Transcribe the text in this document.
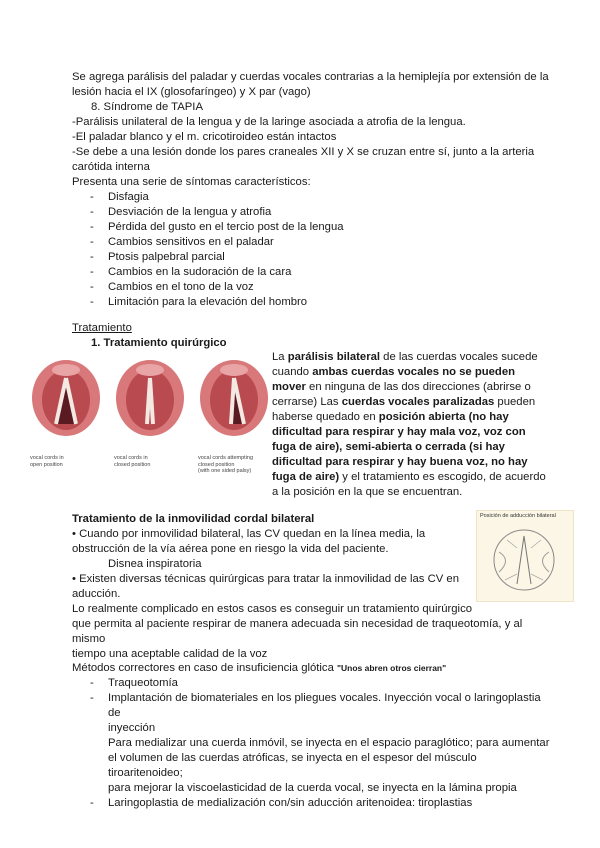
Se agrega parálisis del paladar y cuerdas vocales contrarias a la hemiplejía por extensión de la

lesión hacia el IX (glosofaríngeo) y X par (vago)

8. Síndrome de TAPIA

-Parálisis unilateral de la lengua y de la laringe asociada a atrofia de la lengua.

-El paladar blanco y el m. cricotiroideo están intactos

-Se debe a una lesión donde los pares craneales XII y X se cruzan entre sí, junto a la arteria

carótida interna

Presenta una serie de síntomas característicos:

- Disfagia
- Desviación de la lengua y atrofia
- Pérdida del gusto en el tercio post de la lengua
- Cambios sensitivos en el paladar
- Ptosis palpebral parcial
- Cambios en la sudoración de la cara
- Cambios en el tono de la voz
- Limitación para la elevación del hombro

Tratamiento

1. Tratamiento quirúrgico

vocal cords in
open position
vocal cords in
closed position
vocal cords attempting
closed position
(with one sided palsy)

La parálisis bilateral de las cuerdas vocales sucede cuando ambas cuerdas vocales no se pueden mover en ninguna de las dos direcciones (abrirse o cerrarse) Las cuerdas vocales paralizadas pueden haberse quedado en posición abierta (no hay dificultad para respirar y hay mala voz, voz con fuga de aire), semi-abierta o cerrada (si hay dificultad para respirar y hay buena voz, no hay fuga de aire) y el tratamiento es escogido, de acuerdo a la posición en la que se encuentran.

Tratamiento de la inmovilidad cordal bilateral

• Cuando por inmovilidad bilateral, las CV quedan en la línea media, la

obstrucción de la vía aérea pone en riesgo la vida del paciente.

Disnea inspiratoria

• Existen diversas técnicas quirúrgicas para tratar la inmovilidad de las CV en

aducción.

Lo realmente complicado en estos casos es conseguir un tratamiento quirúrgico

que permita al paciente respirar de manera adecuada sin necesidad de traqueotomía, y al mismo

tiempo una aceptable calidad de la voz

Posición de adducción bilateral

Métodos correctores en caso de insuficiencia glótica "Unos abren otros cierran"

- Traqueotomía
- Implantación de biomateriales en los pliegues vocales. Inyección vocal o laringoplastia de
inyección
Para medializar una cuerda inmóvil, se inyecta en el espacio paraglótico; para aumentar
el volumen de las cuerdas atróficas, se inyecta en el espesor del músculo tiroaritenoideo;
para mejorar la viscoelasticidad de la cuerda vocal, se inyecta en la lámina propia
- Laringoplastia de medialización con/sin aducción aritenoidea: tiroplastias
